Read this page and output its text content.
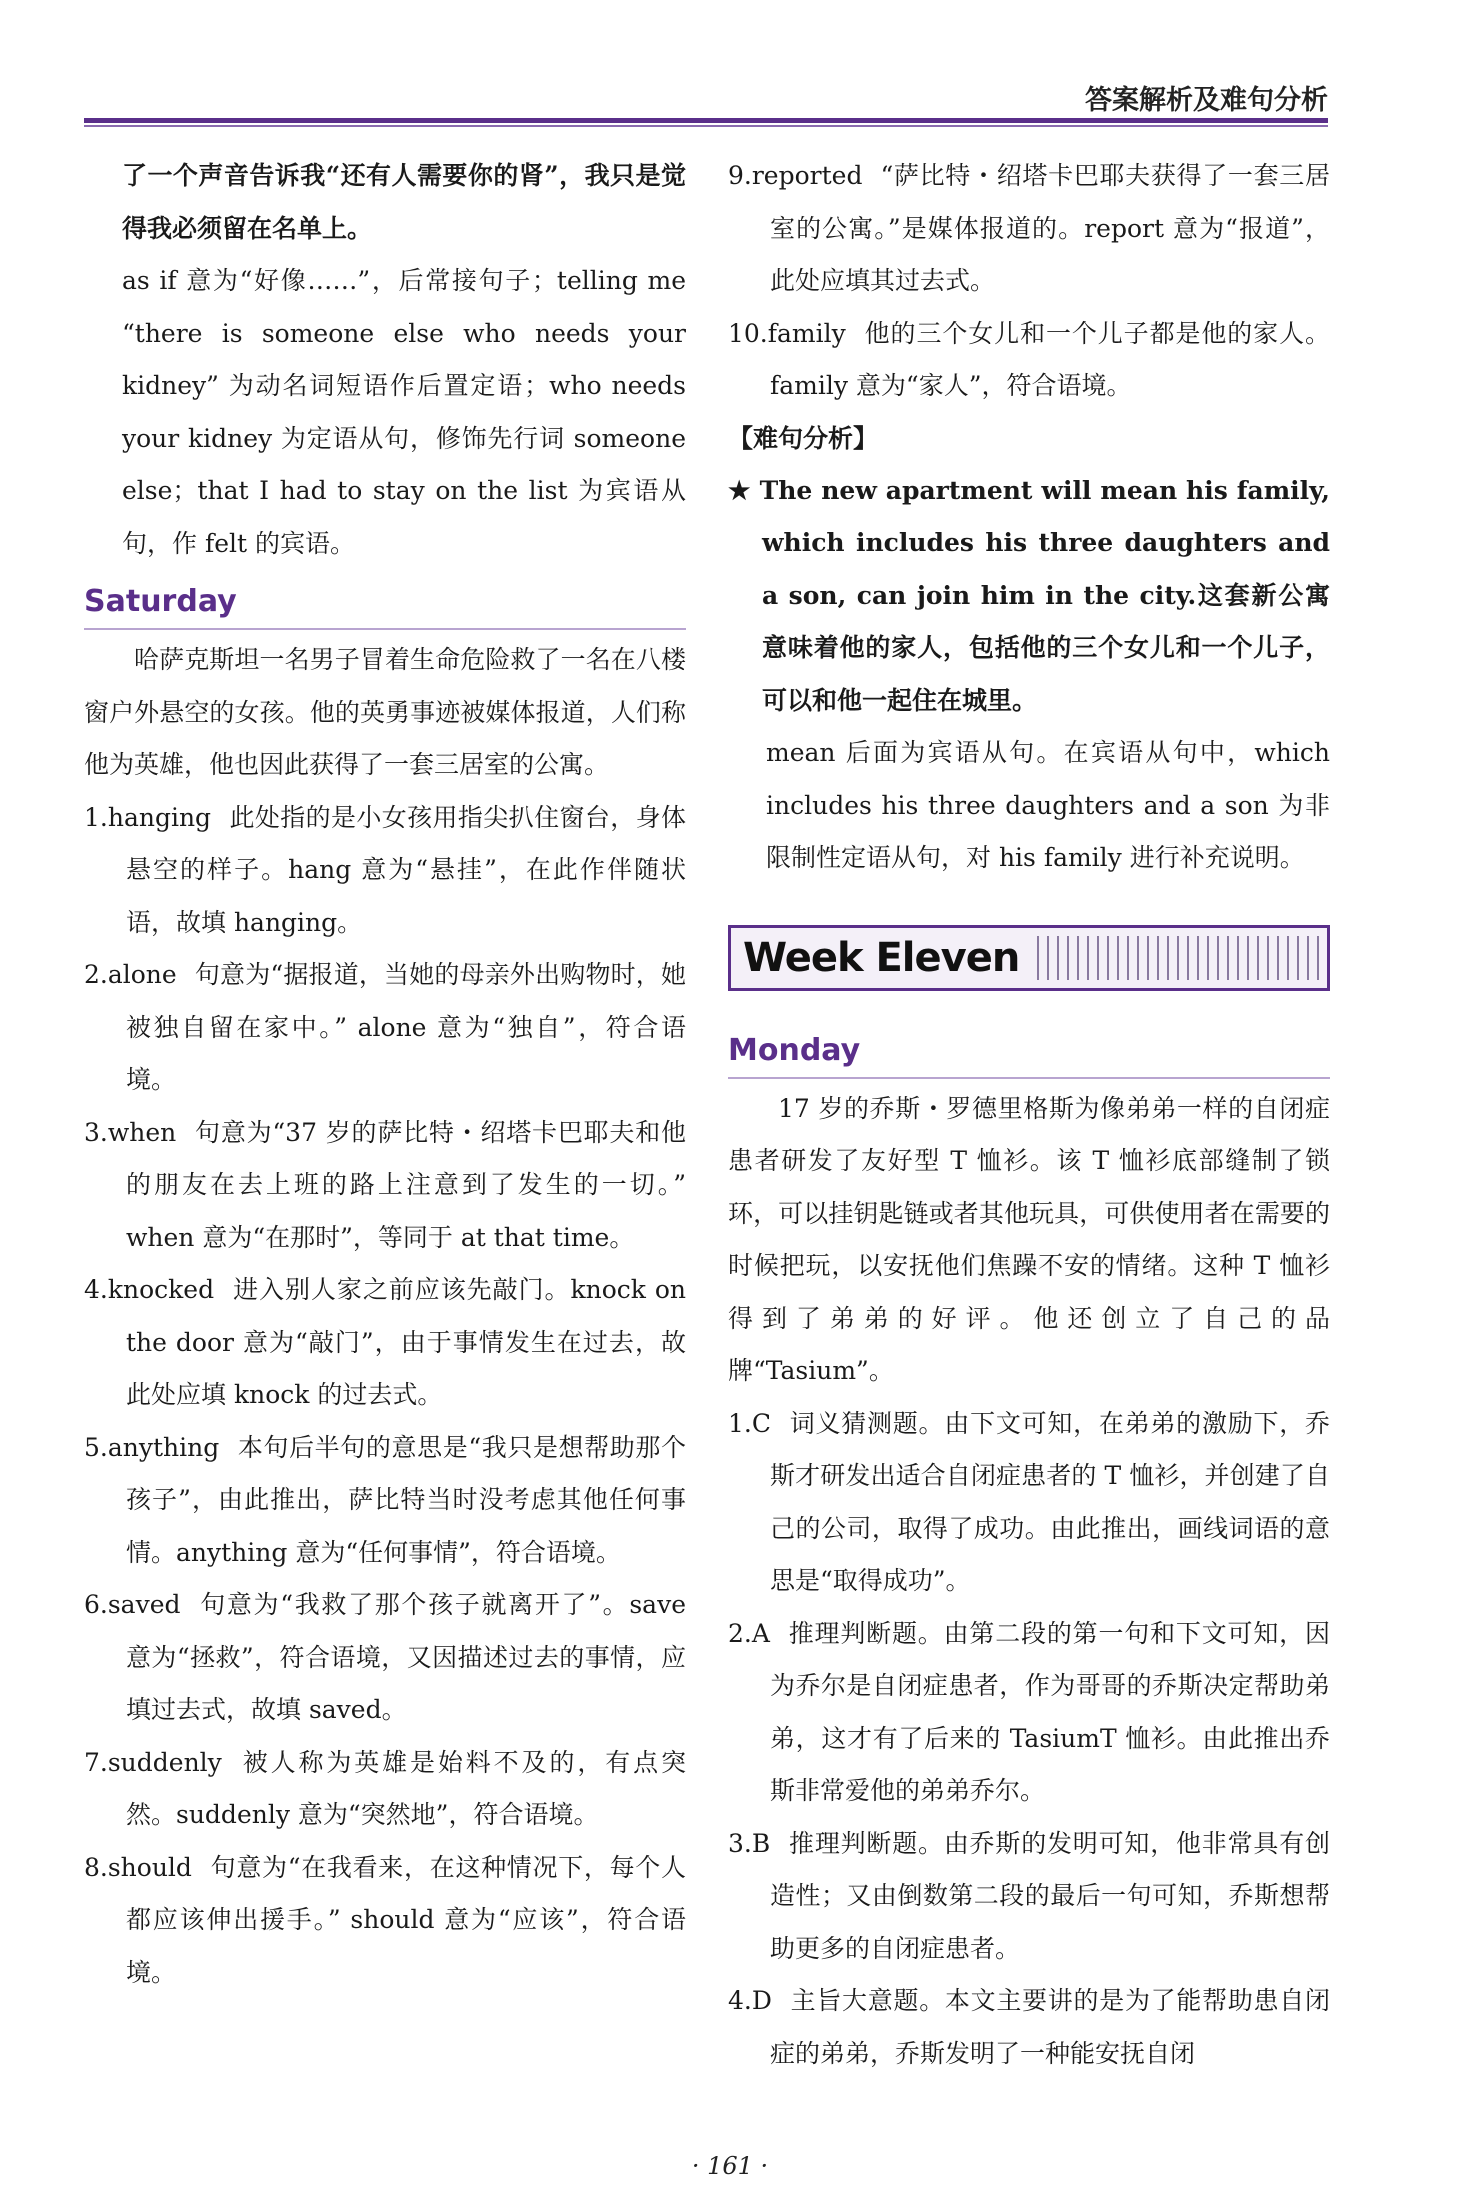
答案解析及难句分析

了一个声音告诉我“还有人需要你的肾”，我只是觉得我必须留在名单上。

as if 意为“好像……”，后常接句子；telling me “there is someone else who needs your kidney” 为动名词短语作后置定语；who needs your kidney 为定语从句，修饰先行词 someone else；that I had to stay on the list 为宾语从句，作 felt 的宾语。

Saturday

哈萨克斯坦一名男子冒着生命危险救了一名在八楼窗户外悬空的女孩。他的英勇事迹被媒体报道，人们称他为英雄，他也因此获得了一套三居室的公寓。

1.hanging 此处指的是小女孩用指尖扒住窗台，身体悬空的样子。hang 意为“悬挂”，在此作伴随状语，故填 hanging。

2.alone 句意为“据报道，当她的母亲外出购物时，她被独自留在家中。” alone 意为“独自”，符合语境。

3.when 句意为“37 岁的萨比特・绍塔卡巴耶夫和他的朋友在去上班的路上注意到了发生的一切。” when 意为“在那时”，等同于 at that time。

4.knocked 进入别人家之前应该先敲门。knock on the door 意为“敲门”，由于事情发生在过去，故此处应填 knock 的过去式。

5.anything 本句后半句的意思是“我只是想帮助那个孩子”，由此推出，萨比特当时没考虑其他任何事情。anything 意为“任何事情”，符合语境。

6.saved 句意为“我救了那个孩子就离开了”。save 意为“拯救”，符合语境，又因描述过去的事情，应填过去式，故填 saved。

7.suddenly 被人称为英雄是始料不及的，有点突然。suddenly 意为“突然地”，符合语境。

8.should 句意为“在我看来，在这种情况下，每个人都应该伸出援手。” should 意为“应该”，符合语境。

9.reported “萨比特・绍塔卡巴耶夫获得了一套三居室的公寓。”是媒体报道的。report 意为“报道”，此处应填其过去式。

10.family 他的三个女儿和一个儿子都是他的家人。family 意为“家人”，符合语境。

【难句分析】

★ The new apartment will mean his family, which includes his three daughters and a son, can join him in the city.这套新公寓意味着他的家人，包括他的三个女儿和一个儿子，可以和他一起住在城里。

mean 后面为宾语从句。在宾语从句中，which includes his three daughters and a son 为非限制性定语从句，对 his family 进行补充说明。

Week Eleven
Monday

17 岁的乔斯・罗德里格斯为像弟弟一样的自闭症患者研发了友好型 T 恤衫。该 T 恤衫底部缝制了锁环，可以挂钥匙链或者其他玩具，可供使用者在需要的时候把玩，以安抚他们焦躁不安的情绪。这种 T 恤衫得到了弟弟的好评。他还创立了自己的品牌“Tasium”。

1.C 词义猜测题。由下文可知，在弟弟的激励下，乔斯才研发出适合自闭症患者的 T 恤衫，并创建了自己的公司，取得了成功。由此推出，画线词语的意思是“取得成功”。

2.A 推理判断题。由第二段的第一句和下文可知，因为乔尔是自闭症患者，作为哥哥的乔斯决定帮助弟弟，这才有了后来的 TasiumT 恤衫。由此推出乔斯非常爱他的弟弟乔尔。

3.B 推理判断题。由乔斯的发明可知，他非常具有创造性；又由倒数第二段的最后一句可知，乔斯想帮助更多的自闭症患者。

4.D 主旨大意题。本文主要讲的是为了能帮助患自闭症的弟弟，乔斯发明了一种能安抚自闭

· 161 ·
